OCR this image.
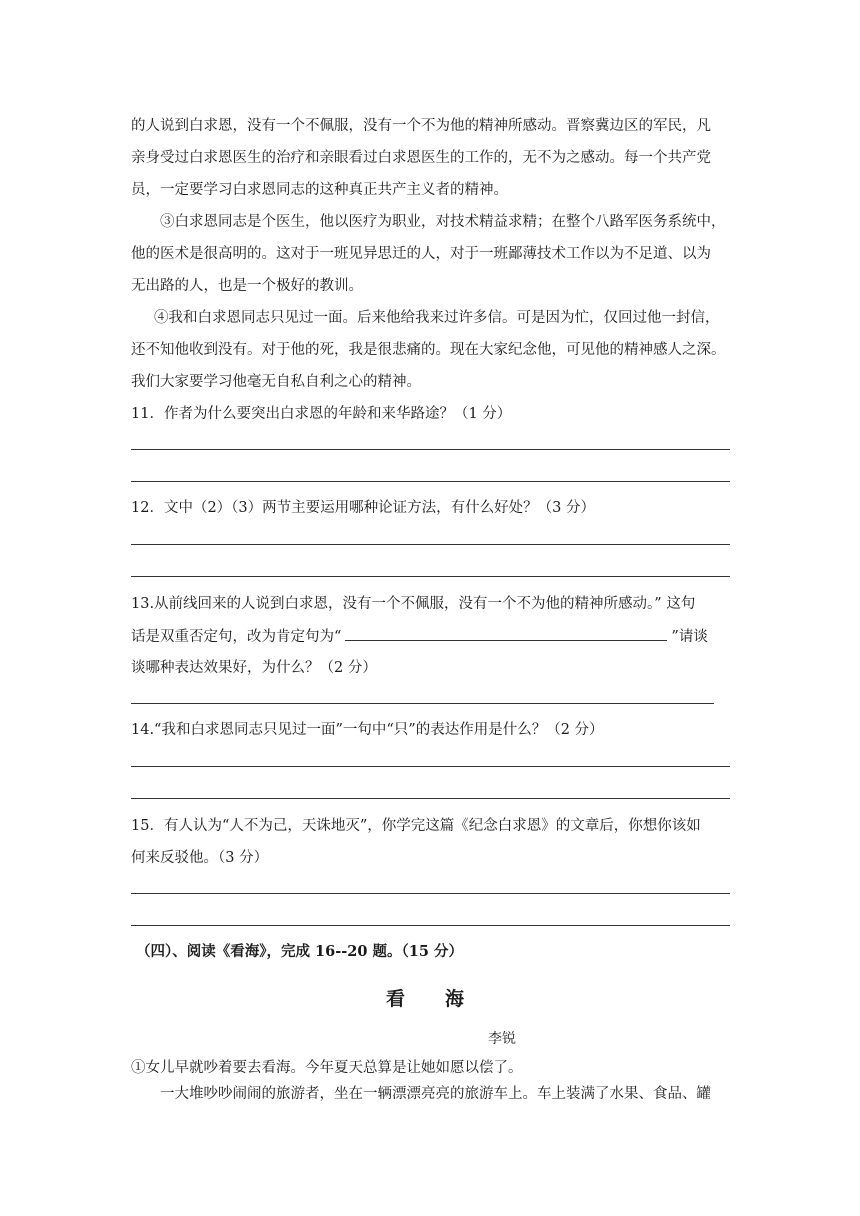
的人说到白求恩，没有一个不佩服，没有一个不为他的精神所感动。晋察冀边区的军民，凡
亲身受过白求恩医生的治疗和亲眼看过白求恩医生的工作的，无不为之感动。每一个共产党
员，一定要学习白求恩同志的这种真正共产主义者的精神。
③白求恩同志是个医生，他以医疗为职业，对技术精益求精；在整个八路军医务系统中，
他的医术是很高明的。这对于一班见异思迁的人，对于一班鄙薄技术工作以为不足道、以为
无出路的人，也是一个极好的教训。
④我和白求恩同志只见过一面。后来他给我来过许多信。可是因为忙，仅回过他一封信，
还不知他收到没有。对于他的死，我是很悲痛的。现在大家纪念他，可见他的精神感人之深。
我们大家要学习他毫无自私自利之心的精神。
11．作者为什么要突出白求恩的年龄和来华路途？（1 分）
12．文中（2）（3）两节主要运用哪种论证方法，有什么好处？（3 分）
13.从前线回来的人说到白求恩，没有一个不佩服，没有一个不为他的精神所感动。” 这句
话是双重否定句，改为肯定句为“	”请谈
谈哪种表达效果好，为什么？（2 分）
14.“我和白求恩同志只见过一面”一句中“只”的表达作用是什么？（2 分）
15．有人认为“人不为己，天诛地灭”，你学完这篇《纪念白求恩》的文章后，你想你该如
何来反驳他。（3 分）
（四）、阅读《看海》，完成 16--20 题。（15 分）
看 海
李锐
①女儿早就吵着要去看海。今年夏天总算是让她如愿以偿了。
一大堆吵吵闹闹的旅游者，坐在一辆漂漂亮亮的旅游车上。车上装满了水果、食品、罐
